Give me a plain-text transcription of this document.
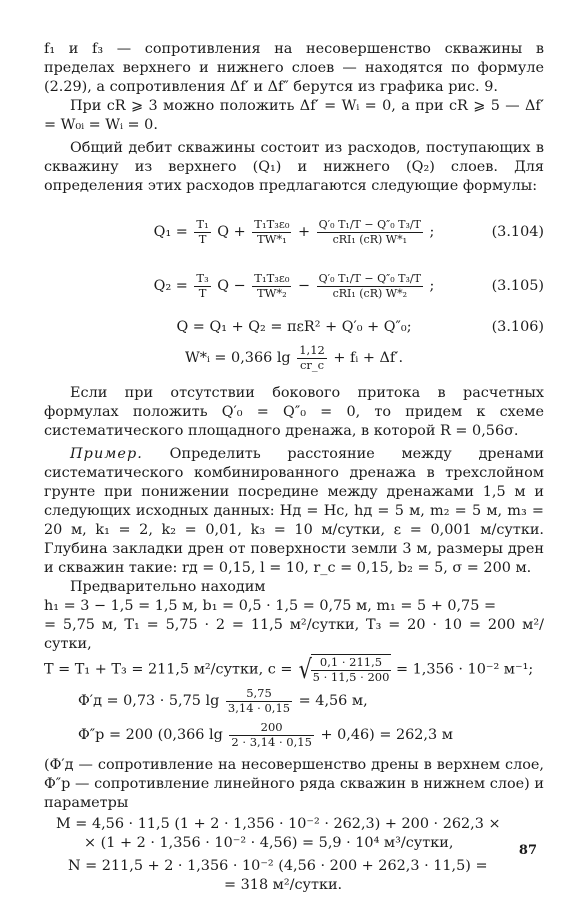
f₁ и f₃ — сопротивления на несовершенство скважины в пределах верхнего и нижнего слоев — находятся по формуле (2.29), а сопротивления Δf′ и Δf″ берутся из графика рис. 9.

При cR ⩾ 3 можно положить Δf′ = Wᵢ = 0, а при cR ⩾ 5 — Δf′ = W₀ᵢ = Wᵢ = 0.

Общий дебит скважины состоит из расходов, поступающих в скважину из верхнего (Q₁) и нижнего (Q₂) слоев. Для определения этих расходов предлагаются следующие формулы:

$Q_1 = \frac{\text{T₁}}{T}$ $Q + \frac{\text{T₁T₃ε₀}}{\text{TW*₁}} + \frac{\text{Q′₀ T₁/T − Q″₀ T₃/T}}{\text{cRI₁ (cR) W*₁}}$ ;	(3.104)
$Q_2 = \frac{\text{T₃}}{T}$ $Q - \frac{\text{T₁T₃ε₀}}{\text{TW*₂}} - \frac{\text{Q′₀ T₁/T − Q″₀ T₃/T}}{\text{cRI₁ (cR) W*₂}}$ ;	(3.105)
Q = Q₁ + Q₂ = πεR² + Q′₀ + Q″₀;	(3.106)
W*ᵢ = 0,366 $\lg \frac{1,12}{cr\_c}$ + fᵢ + Δf′.

Если при отсутствии бокового притока в расчетных формулах положить Q′₀ = Q″₀ = 0, то придем к схеме систематического площадного дренажа, в которой R = 0,56σ.

Пример. Определить расстояние между дренами систематического комбинированного дренажа в трехслойном грунте при понижении посредине между дренажами 1,5 м и следующих исходных данных: Hд = Hс, hд = 5 м, m₂ = 5 м, m₃ = 20 м, k₁ = 2, k₂ = 0,01, k₃ = 10 м/сутки, ε = 0,001 м/сутки. Глубина закладки дрен от поверхности земли 3 м, размеры дрен и скважин такие: rд = 0,15, l = 10, r_c = 0,15, b₂ = 5, σ = 200 м.

Предварительно находим

h₁ = 3 − 1,5 = 1,5 м, b₁ = 0,5 · 1,5 = 0,75 м, m₁ = 5 + 0,75 =

= 5,75 м, T₁ = 5,75 · 2 = 11,5 м²/сутки, T₃ = 20 · 10 = 200 м²/сутки,

T = T₁ + T₃ = 211,5 м²/сутки, c = √
$\frac{0,1 \cdot 211,5}{5 \cdot 11,5 \cdot 200} = 1,356 \cdot 10^{-2}$ м⁻¹;
Φ′д = 0,73 · 5,75 $\lg \frac{5,75}{3,14 \cdot 0,15} = 4,56$ м,
Φ″р = 200 (0,366 $\lg \frac{200}{2 \cdot 3,14 \cdot 0,15} + 0,46) = 262,3$ м

(Φ′д — сопротивление на несовершенство дрены в верхнем слое, Φ″р — сопротивление линейного ряда скважин в нижнем слое) и параметры

M = 4,56 · 11,5 (1 + 2 · 1,356 · 10⁻² · 262,3) + 200 · 262,3 ×

× (1 + 2 · 1,356 · 10⁻² · 4,56) = 5,9 · 10⁴ м³/сутки,

N = 211,5 + 2 · 1,356 · 10⁻² (4,56 · 200 + 262,3 · 11,5) =

= 318 м²/сутки.

87
